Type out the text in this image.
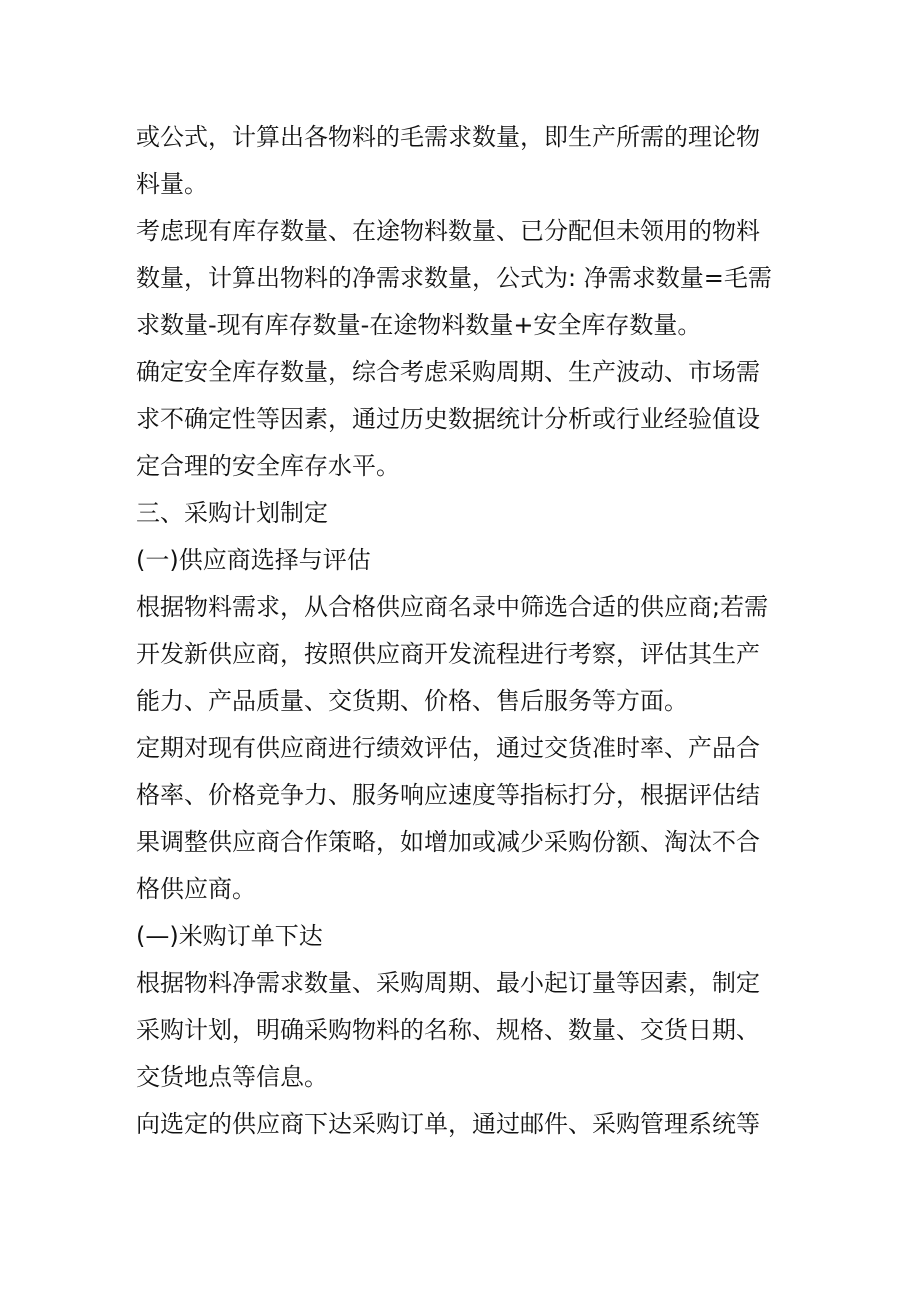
或公式，计算出各物料的毛需求数量，即生产所需的理论物

料量。

考虑现有库存数量、在途物料数量、已分配但未领用的物料

数量，计算出物料的净需求数量，公式为: 净需求数量=毛需

求数量-现有库存数量-在途物料数量+安全库存数量。

确定安全库存数量，综合考虑采购周期、生产波动、市场需

求不确定性等因素，通过历史数据统计分析或行业经验值设

定合理的安全库存水平。

三、采购计划制定

(一)供应商选择与评估

根据物料需求，从合格供应商名录中筛选合适的供应商;若需

开发新供应商，按照供应商开发流程进行考察，评估其生产

能力、产品质量、交货期、价格、售后服务等方面。

定期对现有供应商进行绩效评估，通过交货准时率、产品合

格率、价格竞争力、服务响应速度等指标打分，根据评估结

果调整供应商合作策略，如增加或减少采购份额、淘汰不合

格供应商。

(—)米购订单下达

根据物料净需求数量、采购周期、最小起订量等因素，制定

采购计划，明确采购物料的名称、规格、数量、交货日期、

交货地点等信息。

向选定的供应商下达采购订单，通过邮件、采购管理系统等
